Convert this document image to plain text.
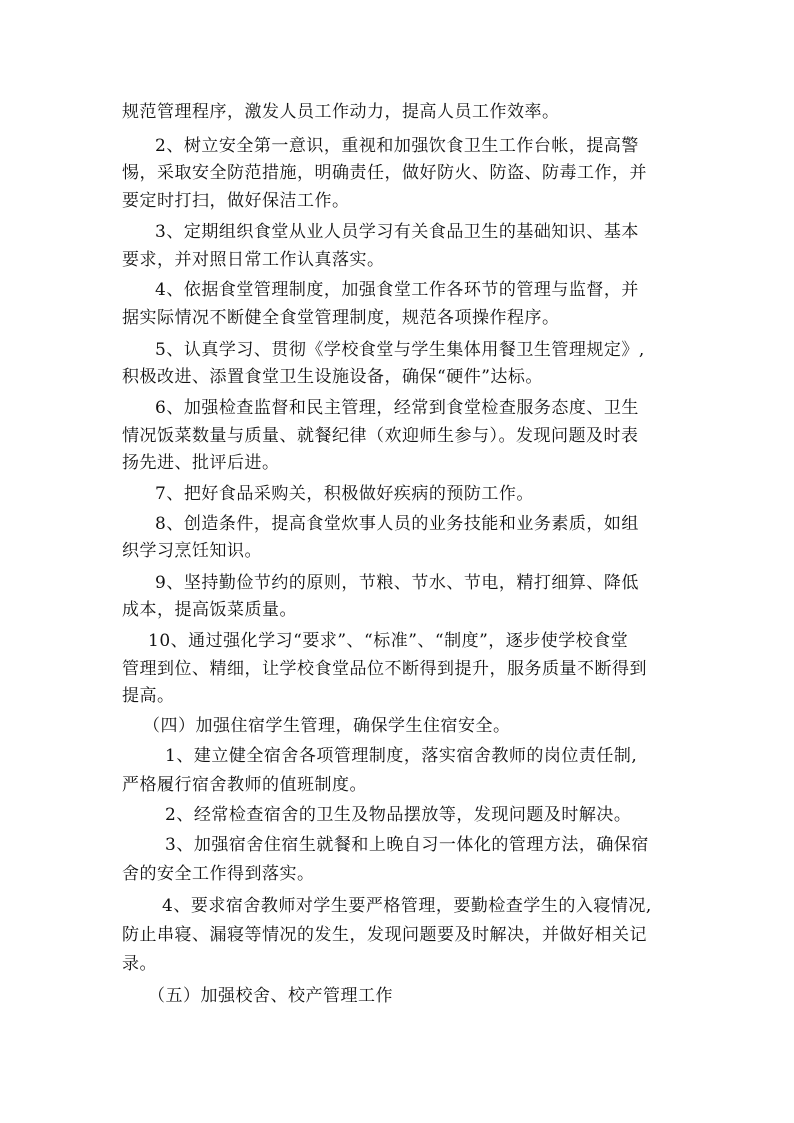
规范管理程序，激发人员工作动力，提高人员工作效率。
2、树立安全第一意识，重视和加强饮食卫生工作台帐，提高警
惕，采取安全防范措施，明确责任，做好防火、防盗、防毒工作，并
要定时打扫，做好保洁工作。
3、定期组织食堂从业人员学习有关食品卫生的基础知识、基本
要求，并对照日常工作认真落实。
4、依据食堂管理制度，加强食堂工作各环节的管理与监督，并
据实际情况不断健全食堂管理制度，规范各项操作程序。
5、认真学习、贯彻《学校食堂与学生集体用餐卫生管理规定》,
积极改进、添置食堂卫生设施设备，确保“硬件”达标。
6、加强检查监督和民主管理，经常到食堂检查服务态度、卫生
情况饭菜数量与质量、就餐纪律（欢迎师生参与）。发现问题及时表
扬先进、批评后进。
7、把好食品采购关，积极做好疾病的预防工作。
8、创造条件，提高食堂炊事人员的业务技能和业务素质，如组
织学习烹饪知识。
9、坚持勤俭节约的原则，节粮、节水、节电，精打细算、降低
成本，提高饭菜质量。
10、通过强化学习“要求”、“标准”、“制度”，逐步使学校食堂
管理到位、精细，让学校食堂品位不断得到提升，服务质量不断得到
提高。
（四）加强住宿学生管理，确保学生住宿安全。
1、建立健全宿舍各项管理制度，落实宿舍教师的岗位责任制,
严格履行宿舍教师的值班制度。
2、经常检查宿舍的卫生及物品摆放等，发现问题及时解决。
3、加强宿舍住宿生就餐和上晚自习一体化的管理方法，确保宿
舍的安全工作得到落实。
4、要求宿舍教师对学生要严格管理，要勤检查学生的入寝情况,
防止串寝、漏寝等情况的发生，发现问题要及时解决，并做好相关记
录。
（五）加强校舍、校产管理工作
